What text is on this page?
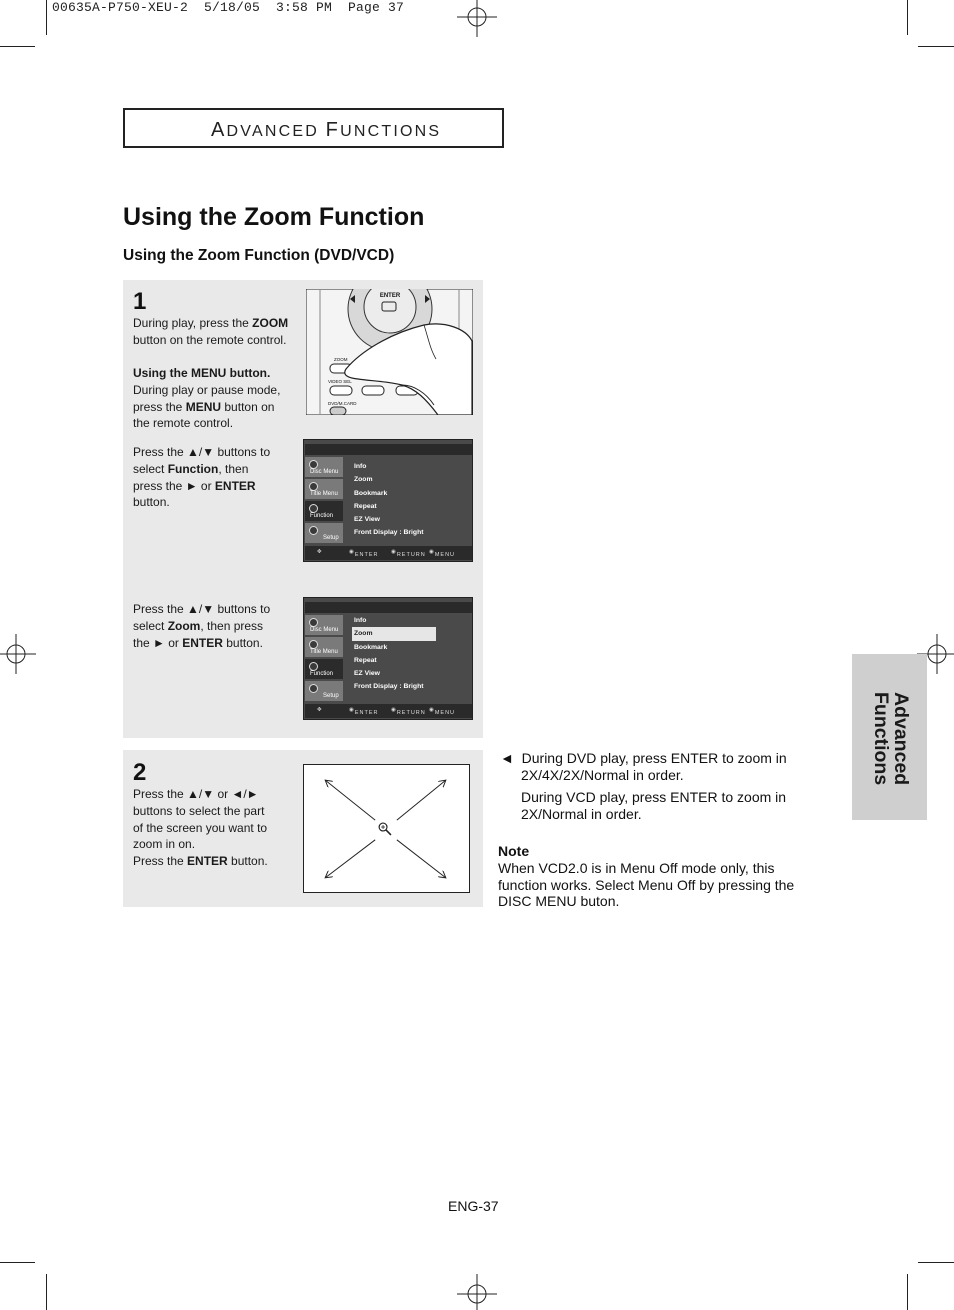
00635A-P750-XEU-2  5/18/05  3:58 PM  Page 37
ADVANCED FUNCTIONS
Using the Zoom Function
Using the Zoom Function (DVD/VCD)
1
During play, press the ZOOM
button on the remote control.
Using the MENU button.
During play or pause mode,
press the MENU button on
the remote control.
Press the ▲/▼ buttons to
select Function, then
press the ► or ENTER
button.
Press the ▲/▼ buttons to
select Zoom, then press
the ► or ENTER button.
ENTER
ZOOM
VIDEO SEL
DVD/M.CARD
Disc Menu
Title Menu
Function
Setup
Info
Zoom
Bookmark
Repeat
EZ View
Front Display : Bright
✥	◉ ENTER ◉ RETURN ◉ MENU
Disc Menu
Title Menu
Function
Setup
Info
Zoom
Bookmark
Repeat
EZ View
Front Display : Bright
✥	◉ ENTER ◉ RETURN ◉ MENU
2
Press the ▲/▼ or ◄/►
buttons to select the part
of the screen you want to
zoom in on.
Press the ENTER button.
◄ During DVD play, press ENTER to zoom in
2X/4X/2X/Normal in order.
During VCD play, press ENTER to zoom in
2X/Normal in order.
Note
When VCD2.0 is in Menu Off mode only, this
function works. Select Menu Off by pressing the
DISC MENU buton.
Advanced
Functions
ENG-37
